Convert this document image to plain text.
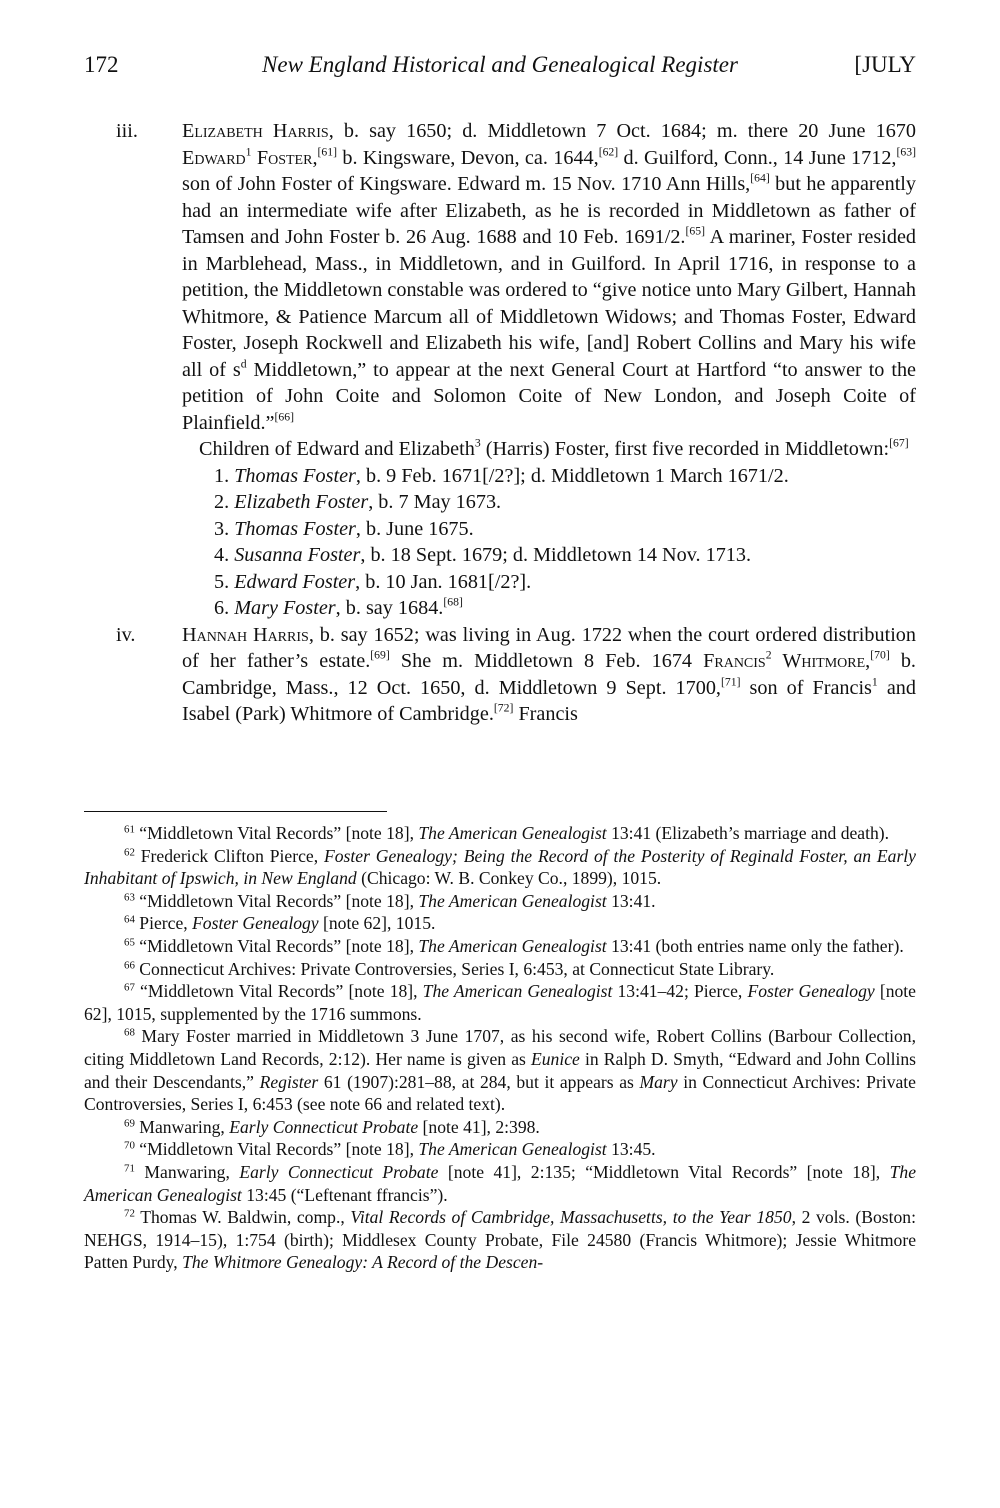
172	New England Historical and Genealogical Register	[JULY

iii. Elizabeth Harris, b. say 1650; d. Middletown 7 Oct. 1684; m. there 20 June 1670 Edward$^1$ Foster,[61] b. Kingsware, Devon, ca. 1644,[62] d. Guilford, Conn., 14 June 1712,[63] son of John Foster of Kingsware. Edward m. 15 Nov. 1710 Ann Hills,[64] but he apparently had an intermediate wife after Elizabeth, as he is recorded in Middletown as father of Tamsen and John Foster b. 26 Aug. 1688 and 10 Feb. 1691/2.[65] A mariner, Foster resided in Marblehead, Mass., in Middletown, and in Guilford. In April 1716, in response to a petition, the Middletown constable was ordered to “give notice unto Mary Gilbert, Hannah Whitmore, & Patience Marcum all of Middletown Widows; and Thomas Foster, Edward Foster, Joseph Rockwell and Elizabeth his wife, [and] Robert Collins and Mary his wife all of $s^d$ Middletown,” to appear at the next General Court at Hartford “to answer to the petition of John Coite and Solomon Coite of New London, and Joseph Coite of Plainfield.”[66]

Children of Edward and Elizabeth$^3$ (Harris) Foster, first five recorded in Middletown:[67]

1. Thomas Foster, b. 9 Feb. 1671[/2?]; d. Middletown 1 March 1671/2.

2. Elizabeth Foster, b. 7 May 1673.

3. Thomas Foster, b. June 1675.

4. Susanna Foster, b. 18 Sept. 1679; d. Middletown 14 Nov. 1713.

5. Edward Foster, b. 10 Jan. 1681[/2?].

6. Mary Foster, b. say 1684.[68]

iv. Hannah Harris, b. say 1652; was living in Aug. 1722 when the court ordered distribution of her father’s estate.[69] She m. Middletown 8 Feb. 1674 Francis$^2$ Whitmore,[70] b. Cambridge, Mass., 12 Oct. 1650, d. Middletown 9 Sept. 1700,[71] son of Francis$^1$ and Isabel (Park) Whitmore of Cambridge.[72] Francis

$^{61}$ “Middletown Vital Records” [note 18], The American Genealogist 13:41 (Elizabeth’s marriage and death).

$^{62}$ Frederick Clifton Pierce, Foster Genealogy; Being the Record of the Posterity of Reginald Foster, an Early Inhabitant of Ipswich, in New England (Chicago: W. B. Conkey Co., 1899), 1015.

$^{63}$ “Middletown Vital Records” [note 18], The American Genealogist 13:41.

$^{64}$ Pierce, Foster Genealogy [note 62], 1015.

$^{65}$ “Middletown Vital Records” [note 18], The American Genealogist 13:41 (both entries name only the father).

$^{66}$ Connecticut Archives: Private Controversies, Series I, 6:453, at Connecticut State Library.

$^{67}$ “Middletown Vital Records” [note 18], The American Genealogist 13:41–42; Pierce, Foster Genealogy [note 62], 1015, supplemented by the 1716 summons.

$^{68}$ Mary Foster married in Middletown 3 June 1707, as his second wife, Robert Collins (Barbour Collection, citing Middletown Land Records, 2:12). Her name is given as Eunice in Ralph D. Smyth, “Edward and John Collins and their Descendants,” Register 61 (1907):281–88, at 284, but it appears as Mary in Connecticut Archives: Private Controversies, Series I, 6:453 (see note 66 and related text).

$^{69}$ Manwaring, Early Connecticut Probate [note 41], 2:398.

$^{70}$ “Middletown Vital Records” [note 18], The American Genealogist 13:45.

$^{71}$ Manwaring, Early Connecticut Probate [note 41], 2:135; “Middletown Vital Records” [note 18], The American Genealogist 13:45 (“Leftenant ffrancis”).

$^{72}$ Thomas W. Baldwin, comp., Vital Records of Cambridge, Massachusetts, to the Year 1850, 2 vols. (Boston: NEHGS, 1914–15), 1:754 (birth); Middlesex County Probate, File 24580 (Francis Whitmore); Jessie Whitmore Patten Purdy, The Whitmore Genealogy: A Record of the Descen-
